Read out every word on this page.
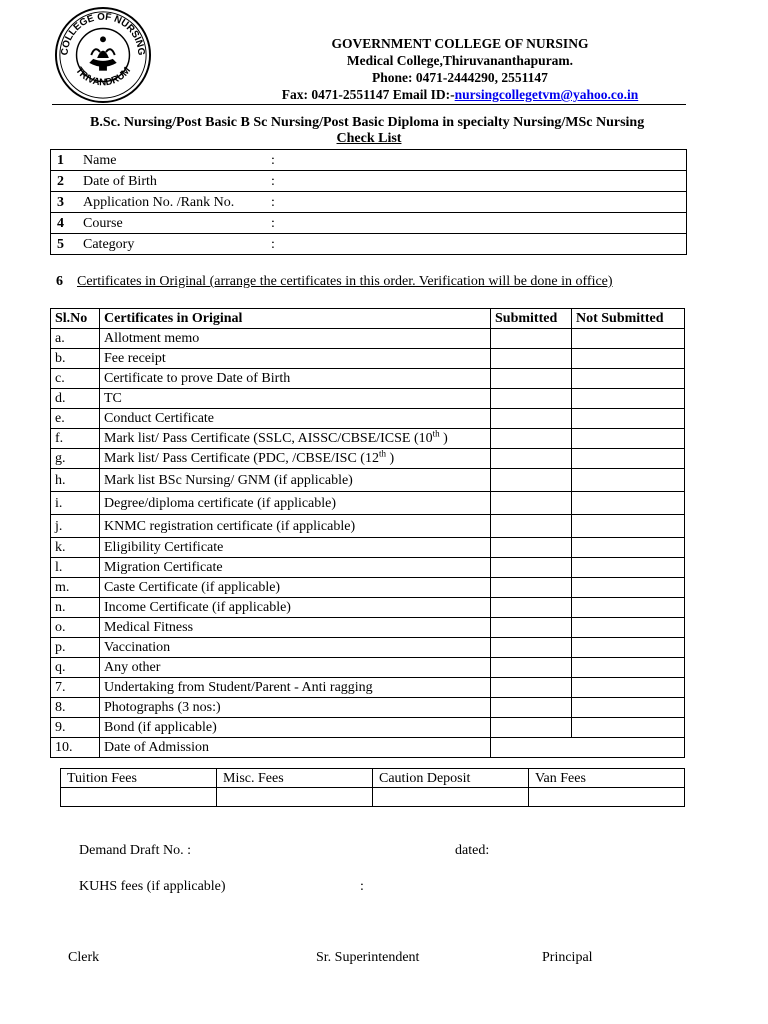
COLLEGE OF NURSING
TRIVANDRUM
GOVERNMENT COLLEGE OF NURSING
Medical College,Thiruvananthapuram.
Phone: 0471-2444290, 2551147
Fax: 0471-2551147 Email ID:-nursingcollegetvm@yahoo.co.in
B.Sc. Nursing/Post Basic B Sc Nursing/Post Basic Diploma in specialty Nursing/MSc Nursing
Check List
1	Name	:
2	Date of Birth	:
3	Application No. /Rank No.	:
4	Course	:
5	Category	:
6 Certificates in Original (arrange the certificates in this order. Verification will be done in office)
Sl.No	Certificates in Original	Submitted	Not Submitted
a.	Allotment memo		
b.	Fee receipt		
c.	Certificate to prove Date of Birth		
d.	TC		
e.	Conduct Certificate		
f.	Mark list/ Pass Certificate (SSLC, AISSC/CBSE/ICSE (10th )		
g.	Mark list/ Pass Certificate (PDC, /CBSE/ISC (12th )		
h.	Mark list BSc Nursing/ GNM (if applicable)		
i.	Degree/diploma certificate (if applicable)		
j.	KNMC registration certificate (if applicable)		
k.	Eligibility Certificate		
l.	Migration Certificate		
m.	Caste Certificate (if applicable)		
n.	Income Certificate (if applicable)		
o.	Medical Fitness		
p.	Vaccination		
q.	Any other		
7.	Undertaking from Student/Parent - Anti ragging		
8.	Photographs (3 nos:)		
9.	Bond (if applicable)		
10.	Date of Admission		
Tuition Fees	Misc. Fees	Caution Deposit	Van Fees

Demand Draft No. :	dated:
KUHS fees (if applicable)	:
Clerk	Sr. Superintendent	Principal
